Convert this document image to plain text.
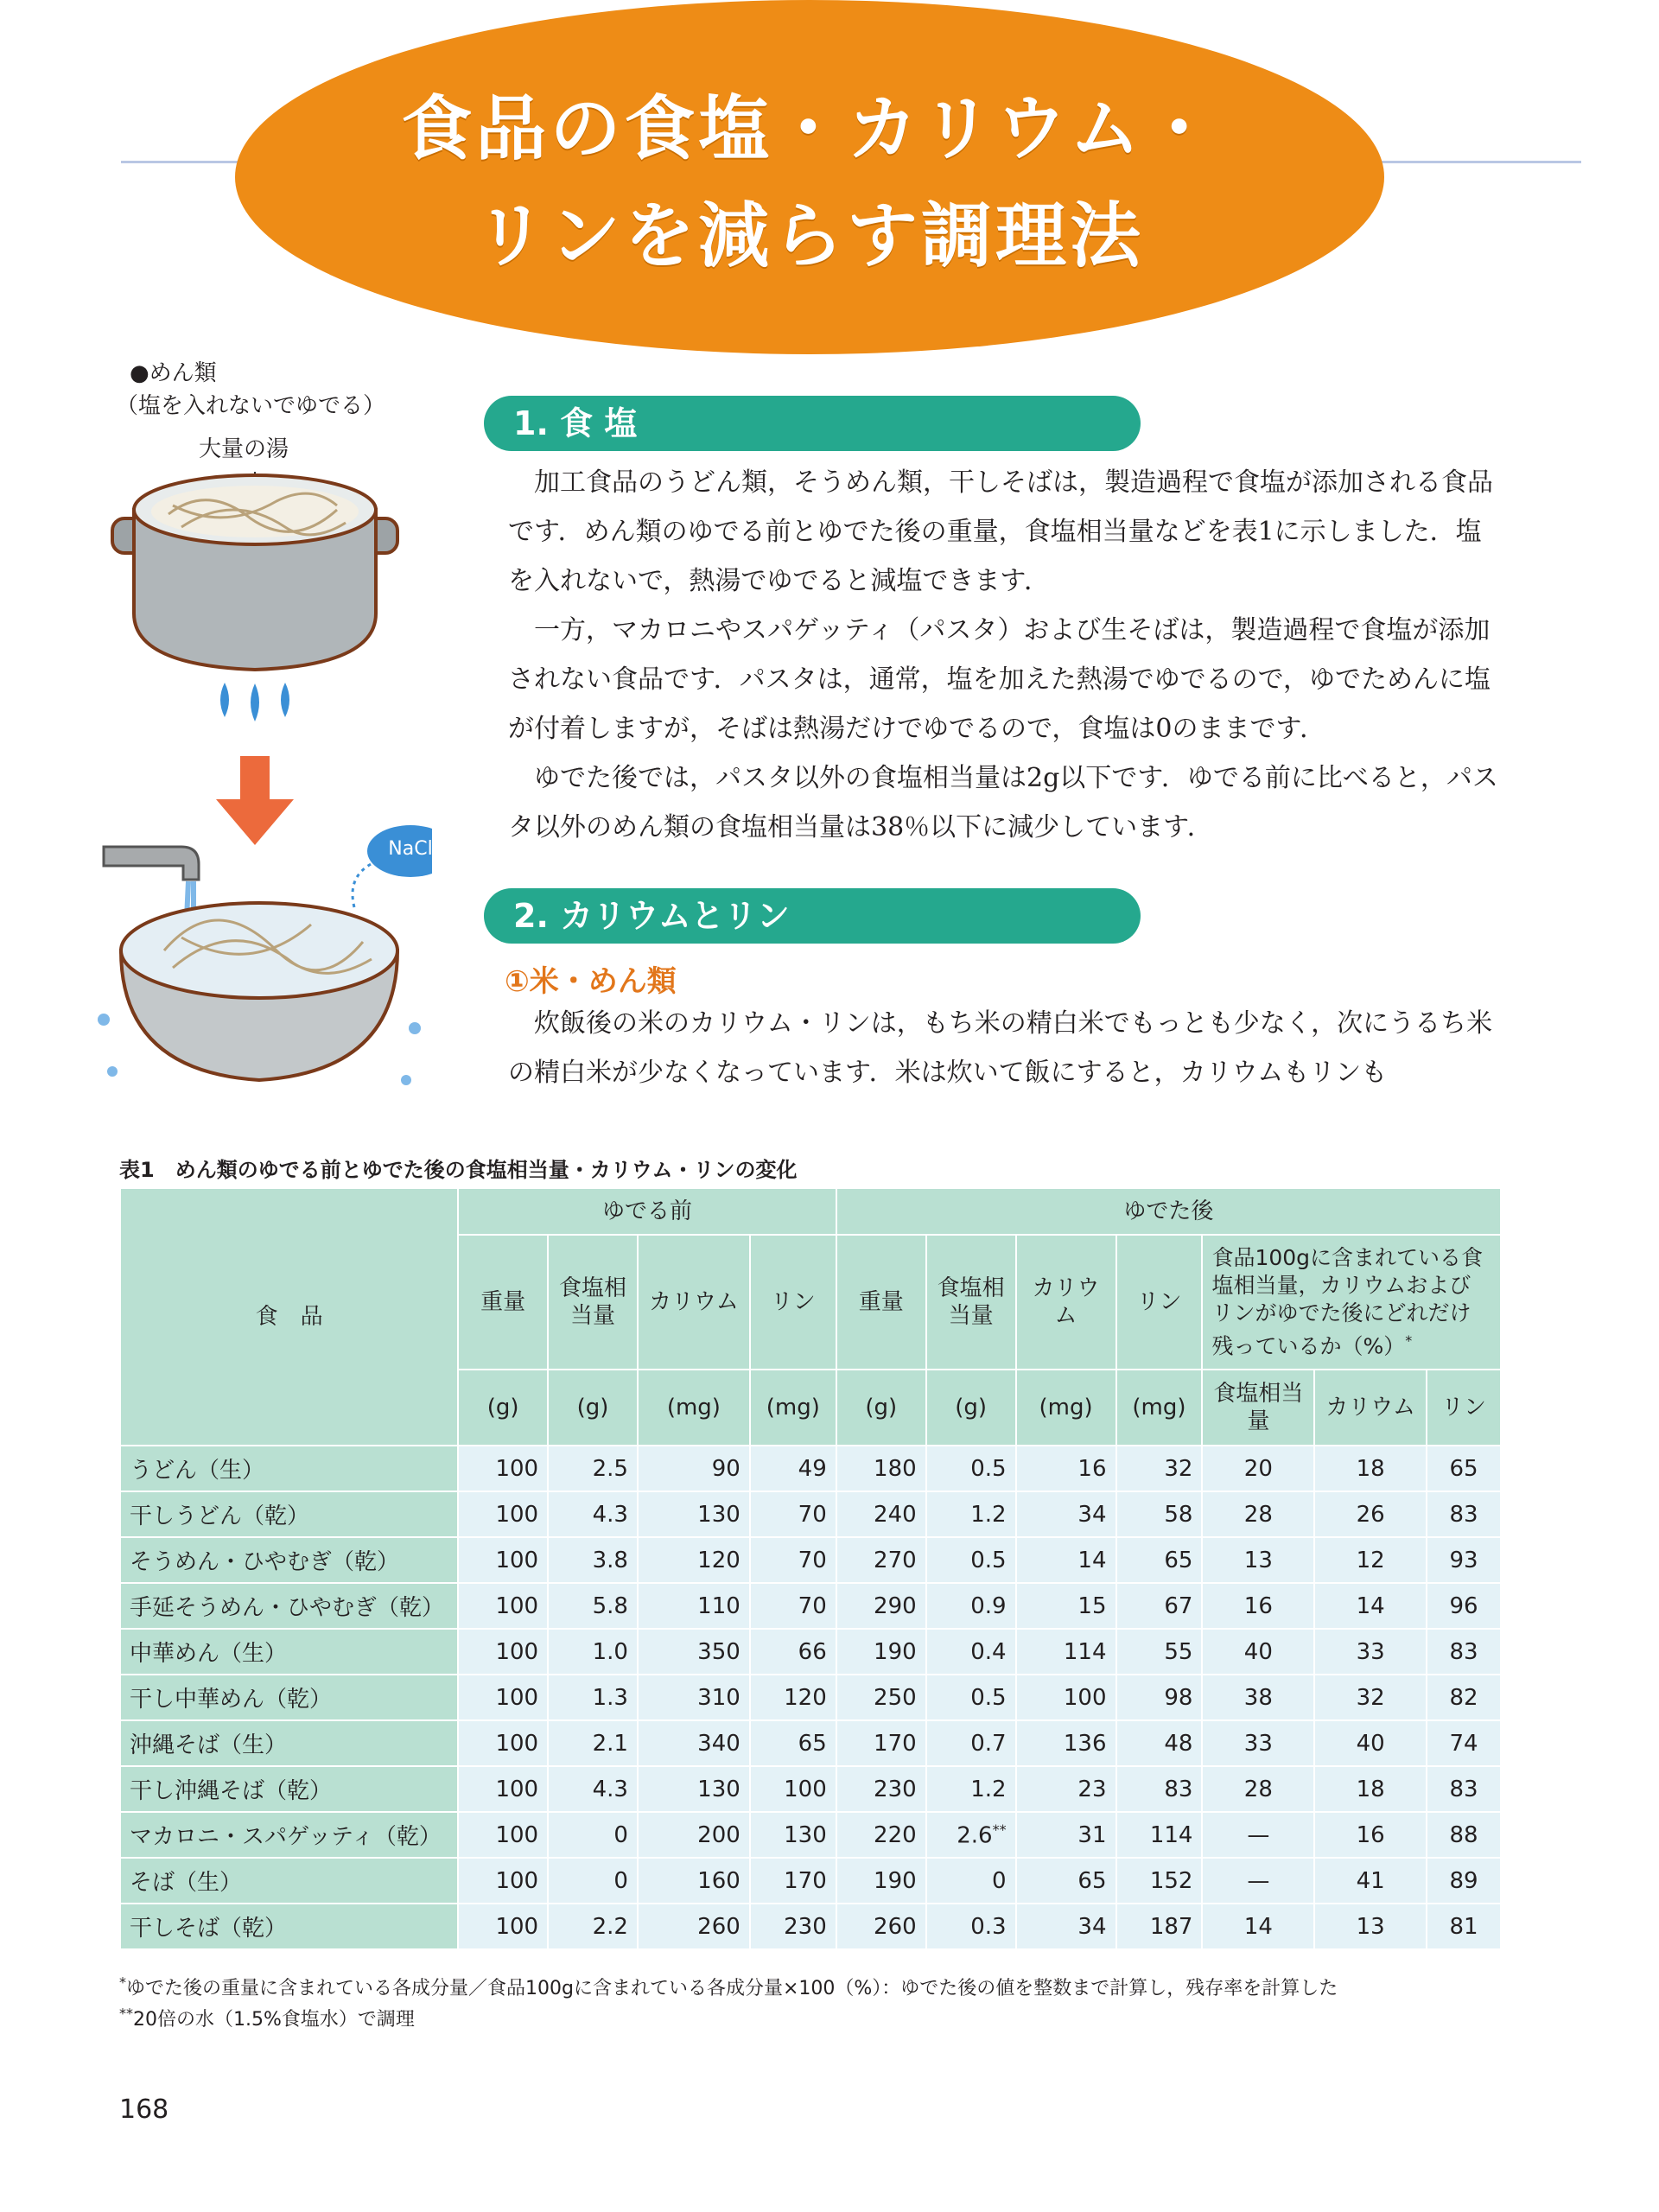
食品の食塩・カリウム・
リンを減らす調理法
●めん類
（塩を入れないでゆでる）
大量の湯
NaCl
1. 食 塩

加工食品のうどん類，そうめん類，干しそばは，製造過程で食塩が添加される食品です．めん類のゆでる前とゆでた後の重量，食塩相当量などを表1に示しました．塩を入れないで，熱湯でゆでると減塩できます．

一方，マカロニやスパゲッティ（パスタ）および生そばは，製造過程で食塩が添加されない食品です．パスタは，通常，塩を加えた熱湯でゆでるので，ゆでためんに塩が付着しますが，そばは熱湯だけでゆでるので，食塩は0のままです．

ゆでた後では，パスタ以外の食塩相当量は2g以下です．ゆでる前に比べると，パスタ以外のめん類の食塩相当量は38％以下に減少しています．

2. カリウムとリン
①米・めん類

炊飯後の米のカリウム・リンは，もち米の精白米でもっとも少なく，次にうるち米の精白米が少なくなっています．米は炊いて飯にすると，カリウムもリンも

表1　めん類のゆでる前とゆでた後の食塩相当量・カリウム・リンの変化
食　品	ゆでる前				ゆでた後						
	重量	食塩相当量	カリウム	リン	重量	食塩相当量	カリウム	リン	食品100gに含まれている食塩相当量，カリウムおよびリンがゆでた後にどれだけ残っているか（%）*
	(g)	(g)	(mg)	(mg)	(g)	(g)	(mg)	(mg)	食塩相当量	カリウム	リン
うどん（生）	100	2.5	90	49	180	0.5	16	32	20	18	65
干しうどん（乾）	100	4.3	130	70	240	1.2	34	58	28	26	83
そうめん・ひやむぎ（乾）	100	3.8	120	70	270	0.5	14	65	13	12	93
手延そうめん・ひやむぎ（乾）	100	5.8	110	70	290	0.9	15	67	16	14	96
中華めん（生）	100	1.0	350	66	190	0.4	114	55	40	33	83
干し中華めん（乾）	100	1.3	310	120	250	0.5	100	98	38	32	82
沖縄そば（生）	100	2.1	340	65	170	0.7	136	48	33	40	74
干し沖縄そば（乾）	100	4.3	130	100	230	1.2	23	83	28	18	83
マカロニ・スパゲッティ（乾）	100	0	200	130	220	2.6**	31	114	—	16	88
そば（生）	100	0	160	170	190	0	65	152	—	41	89
干しそば（乾）	100	2.2	260	230	260	0.3	34	187	14	13	81
*ゆでた後の重量に含まれている各成分量／食品100gに含まれている各成分量×100（%）：ゆでた後の値を整数まで計算し，残存率を計算した
**20倍の水（1.5%食塩水）で調理
168
